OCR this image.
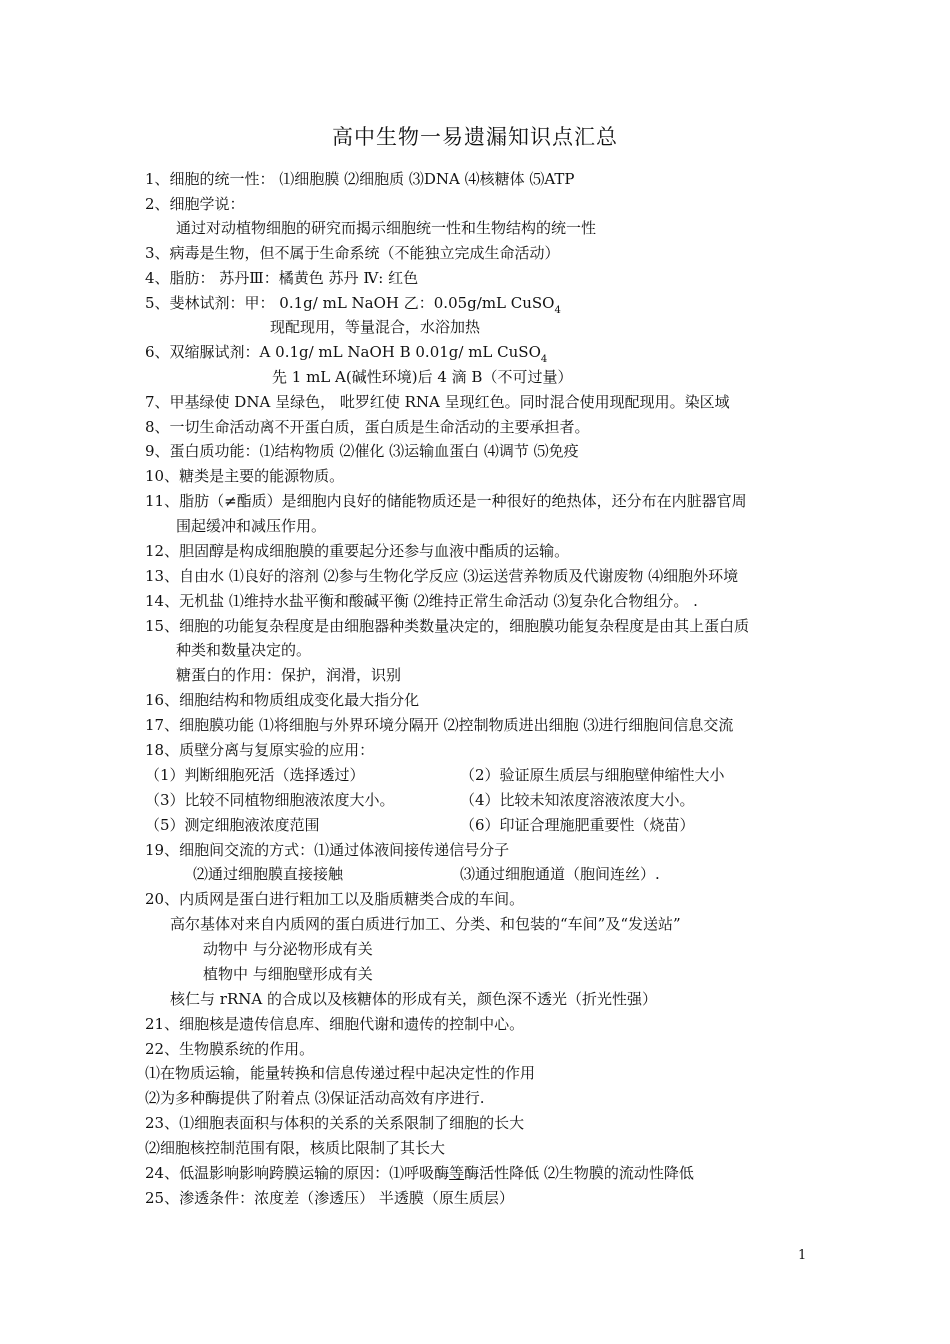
高中生物一易遗漏知识点汇总
1、细胞的统一性： ⑴细胞膜 ⑵细胞质 ⑶DNA ⑷核糖体 ⑸ATP
2、细胞学说：
通过对动植物细胞的研究而揭示细胞统一性和生物结构的统一性
3、病毒是生物，但不属于生命系统（不能独立完成生命活动）
4、脂肪： 苏丹Ⅲ：橘黄色 苏丹 Ⅳ: 红色
5、斐林试剂：甲： 0.1g/ mL NaOH 乙：0.05g/mL CuSO$_4$
现配现用，等量混合，水浴加热
6、双缩脲试剂：A 0.1g/ mL NaOH B 0.01g/ mL CuSO$_4$
先 1 mL A(碱性环境)后 4 滴 B（不可过量）
7、甲基绿使 DNA 呈绿色， 吡罗红使 RNA 呈现红色。同时混合使用现配现用。染区域
8、一切生命活动离不开蛋白质，蛋白质是生命活动的主要承担者。
9、蛋白质功能：⑴结构物质 ⑵催化 ⑶运输血蛋白 ⑷调节 ⑸免疫
10、糖类是主要的能源物质。
11、脂肪（≠酯质）是细胞内良好的储能物质还是一种很好的绝热体，还分布在内脏器官周
围起缓冲和减压作用。
12、胆固醇是构成细胞膜的重要起分还参与血液中酯质的运输。
13、自由水 ⑴良好的溶剂 ⑵参与生物化学反应 ⑶运送营养物质及代谢废物 ⑷细胞外环境
14、无机盐 ⑴维持水盐平衡和酸碱平衡 ⑵维持正常生命活动 ⑶复杂化合物组分。 .
15、细胞的功能复杂程度是由细胞器种类数量决定的，细胞膜功能复杂程度是由其上蛋白质
种类和数量决定的。
糖蛋白的作用：保护，润滑，识别
16、细胞结构和物质组成变化最大指分化
17、细胞膜功能 ⑴将细胞与外界环境分隔开 ⑵控制物质进出细胞 ⑶进行细胞间信息交流
18、质壁分离与复原实验的应用：
（1）判断细胞死活（选择透过）	（2）验证原生质层与细胞壁伸缩性大小
（3）比较不同植物细胞液浓度大小。	（4）比较未知浓度溶液浓度大小。
（5）测定细胞液浓度范围	（6）印证合理施肥重要性（烧苗）
19、细胞间交流的方式：⑴通过体液间接传递信号分子
⑵通过细胞膜直接接触	⑶通过细胞通道（胞间连丝）.
20、内质网是蛋白进行粗加工以及脂质糖类合成的车间。
高尔基体对来自内质网的蛋白质进行加工、分类、和包装的“车间”及“发送站”
动物中 与分泌物形成有关
植物中 与细胞壁形成有关
核仁与 rRNA 的合成以及核糖体的形成有关，颜色深不透光（折光性强）
21、细胞核是遗传信息库、细胞代谢和遗传的控制中心。
22、生物膜系统的作用。
⑴在物质运输，能量转换和信息传递过程中起决定性的作用
⑵为多种酶提供了附着点 ⑶保证活动高效有序进行.
23、⑴细胞表面积与体积的关系的关系限制了细胞的长大
⑵细胞核控制范围有限，核质比限制了其长大
24、低温影响影响跨膜运输的原因：⑴呼吸酶等酶活性降低 ⑵生物膜的流动性降低
25、渗透条件：浓度差（渗透压） 半透膜（原生质层）
1
